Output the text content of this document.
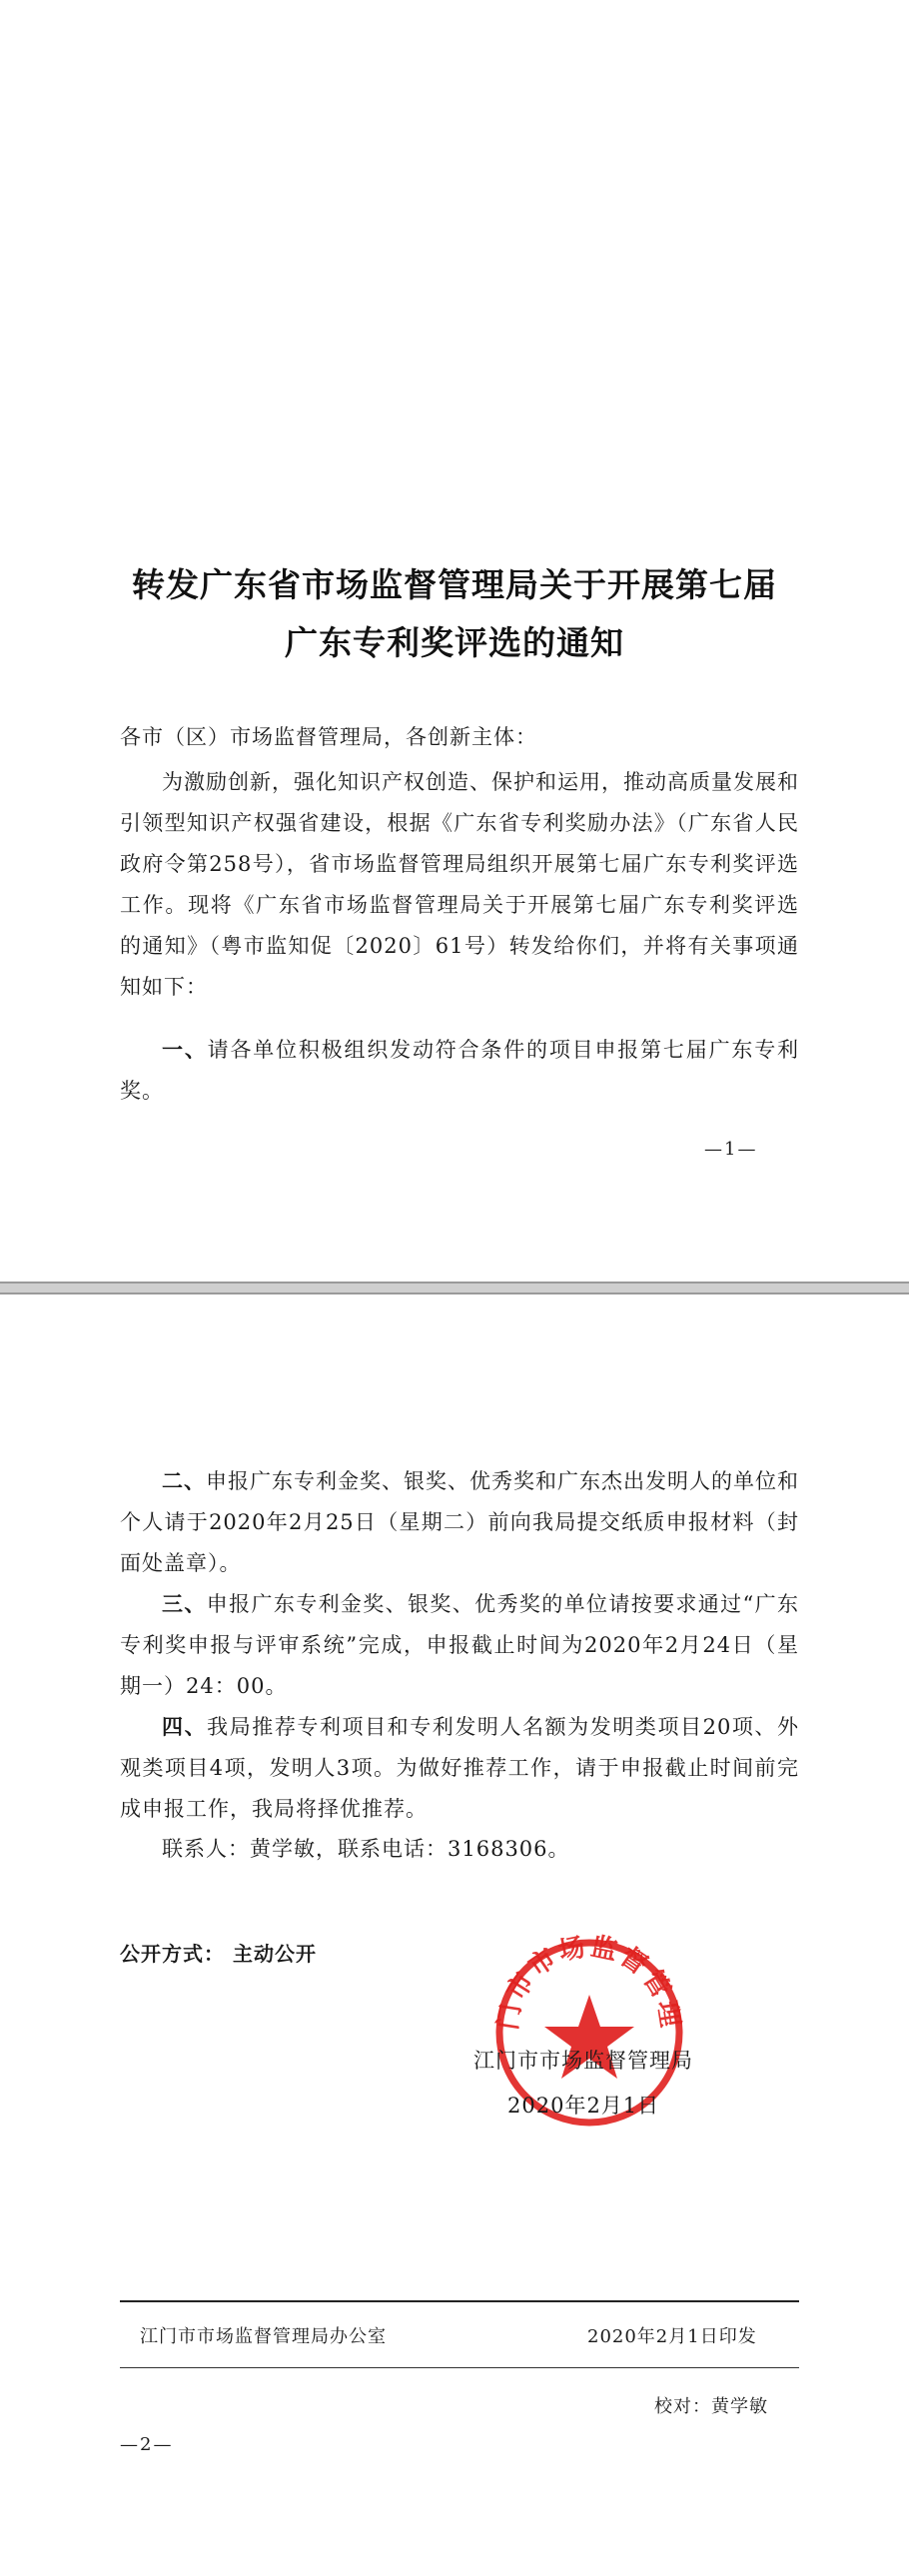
转发广东省市场监督管理局关于开展第七届
广东专利奖评选的通知
各市（区）市场监督管理局，各创新主体：
为激励创新，强化知识产权创造、保护和运用，推动高质量发展和引领型知识产权强省建设，根据《广东省专利奖励办法》（广东省人民政府令第258号），省市场监督管理局组织开展第七届广东专利奖评选工作。现将《广东省市场监督管理局关于开展第七届广东专利奖评选的通知》（粤市监知促〔2020〕61号）转发给你们，并将有关事项通知如下：
一、请各单位积极组织发动符合条件的项目申报第七届广东专利奖。
—1—
二、申报广东专利金奖、银奖、优秀奖和广东杰出发明人的单位和个人请于2020年2月25日（星期二）前向我局提交纸质申报材料（封面处盖章）。
三、申报广东专利金奖、银奖、优秀奖的单位请按要求通过“广东专利奖申报与评审系统”完成，申报截止时间为2020年2月24日（星期一）24：00。
四、我局推荐专利项目和专利发明人名额为发明类项目20项、外观类项目4项，发明人3项。为做好推荐工作，请于申报截止时间前完成申报工作，我局将择优推荐。
联系人：黄学敏，联系电话：3168306。
门市市场监督管理
江门市市场监督管理局
2020年2月1日
公开方式： 主动公开
江门市市场监督管理局办公室	2020年2月1日印发
校对：黄学敏
—2—
